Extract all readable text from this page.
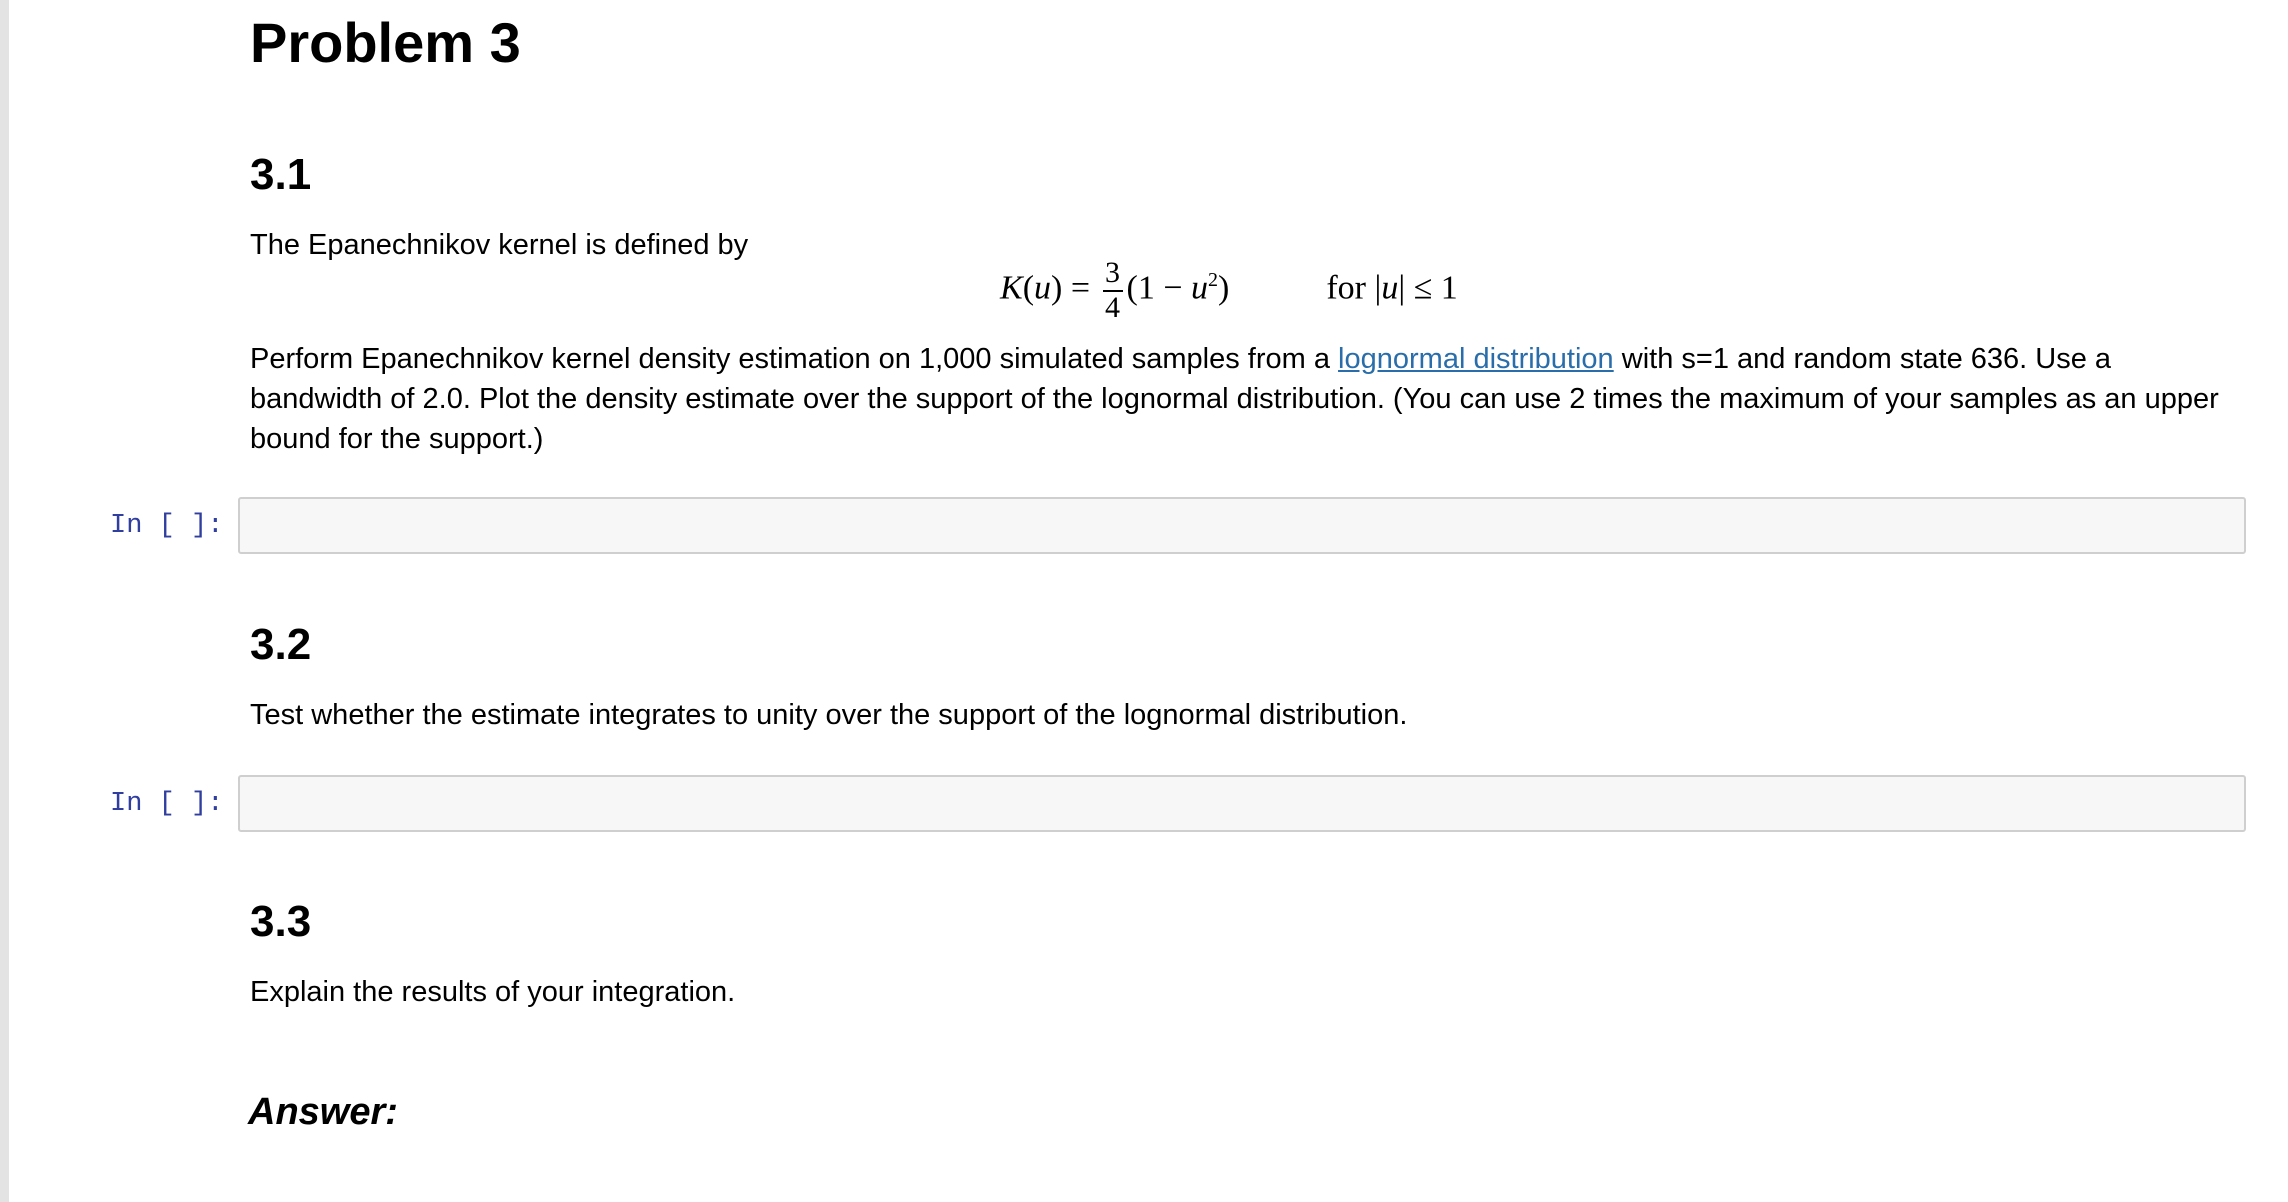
Problem 3
3.1

The Epanechnikov kernel is defined by

$K(u) = \frac{3}{4} (1 - u^2)$	for |u| ≤ 1

Perform Epanechnikov kernel density estimation on 1,000 simulated samples from a lognormal distribution with s=1 and random state 636. Use a bandwidth of 2.0. Plot the density estimate over the support of the lognormal distribution. (You can use 2 times the maximum of your samples as an upper bound for the support.)

In [ ]:
3.2

Test whether the estimate integrates to unity over the support of the lognormal distribution.

In [ ]:
3.3

Explain the results of your integration.

Answer:
